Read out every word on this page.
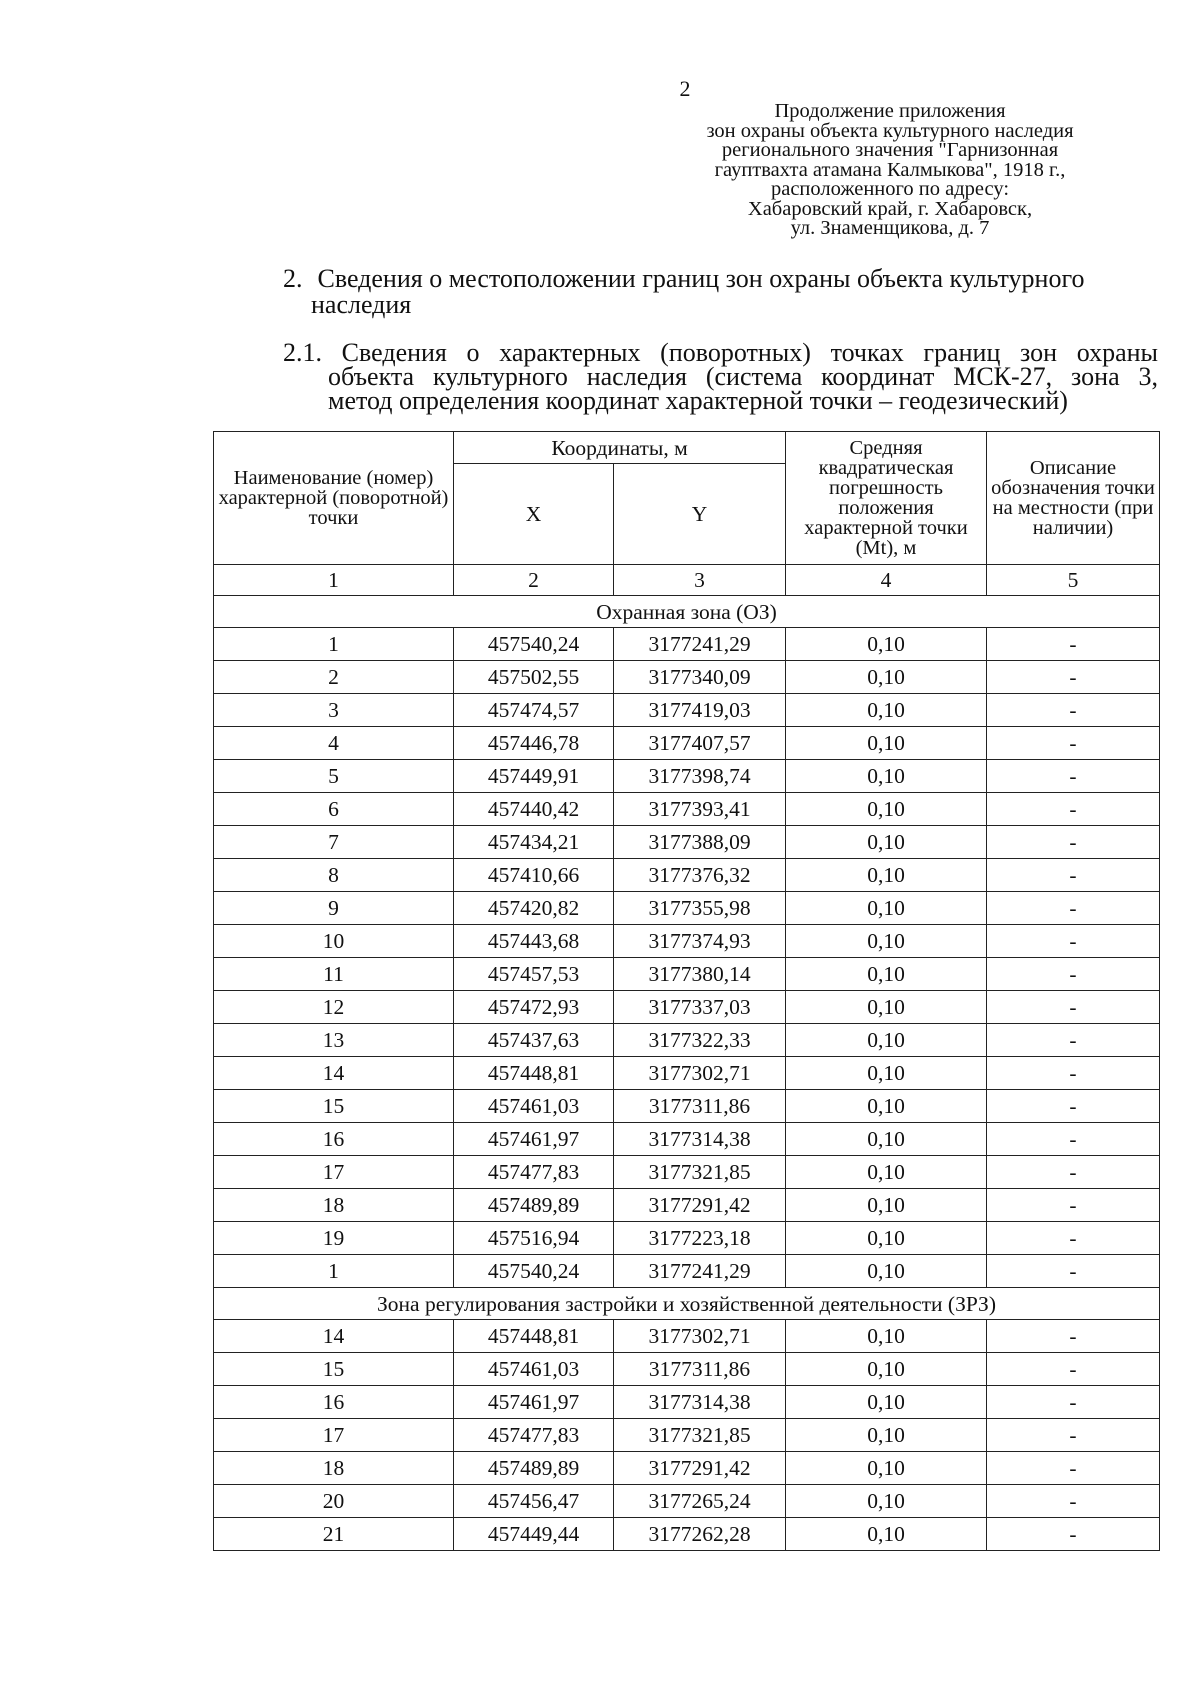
2
Продолжение приложения
зон охраны объекта культурного наследия
регионального значения "Гарнизонная
гауптвахта атамана Калмыкова", 1918 г.,
расположенного по адресу:
Хабаровский край, г. Хабаровск,
ул. Знаменщикова, д. 7
2. Сведения о местоположении границ зон охраны объекта культурного
наследия
2.1. Сведения о характерных (поворотных) точках границ зон охраны
объекта культурного наследия (система координат МСК-27, зона 3,
метод определения координат характерной точки – геодезический)
Наименование (номер) характерной (поворотной) точки	Координаты, м		Средняя квадратическая погрешность положения характерной точки (Mt), м	Описание обозначения точки на местности (при наличии)
	X	Y		
1	2	3	4	5
Охранная зона (ОЗ)				
1	457540,24	3177241,29	0,10	-
2	457502,55	3177340,09	0,10	-
3	457474,57	3177419,03	0,10	-
4	457446,78	3177407,57	0,10	-
5	457449,91	3177398,74	0,10	-
6	457440,42	3177393,41	0,10	-
7	457434,21	3177388,09	0,10	-
8	457410,66	3177376,32	0,10	-
9	457420,82	3177355,98	0,10	-
10	457443,68	3177374,93	0,10	-
11	457457,53	3177380,14	0,10	-
12	457472,93	3177337,03	0,10	-
13	457437,63	3177322,33	0,10	-
14	457448,81	3177302,71	0,10	-
15	457461,03	3177311,86	0,10	-
16	457461,97	3177314,38	0,10	-
17	457477,83	3177321,85	0,10	-
18	457489,89	3177291,42	0,10	-
19	457516,94	3177223,18	0,10	-
1	457540,24	3177241,29	0,10	-
Зона регулирования застройки и хозяйственной деятельности (ЗРЗ)				
14	457448,81	3177302,71	0,10	-
15	457461,03	3177311,86	0,10	-
16	457461,97	3177314,38	0,10	-
17	457477,83	3177321,85	0,10	-
18	457489,89	3177291,42	0,10	-
20	457456,47	3177265,24	0,10	-
21	457449,44	3177262,28	0,10	-
